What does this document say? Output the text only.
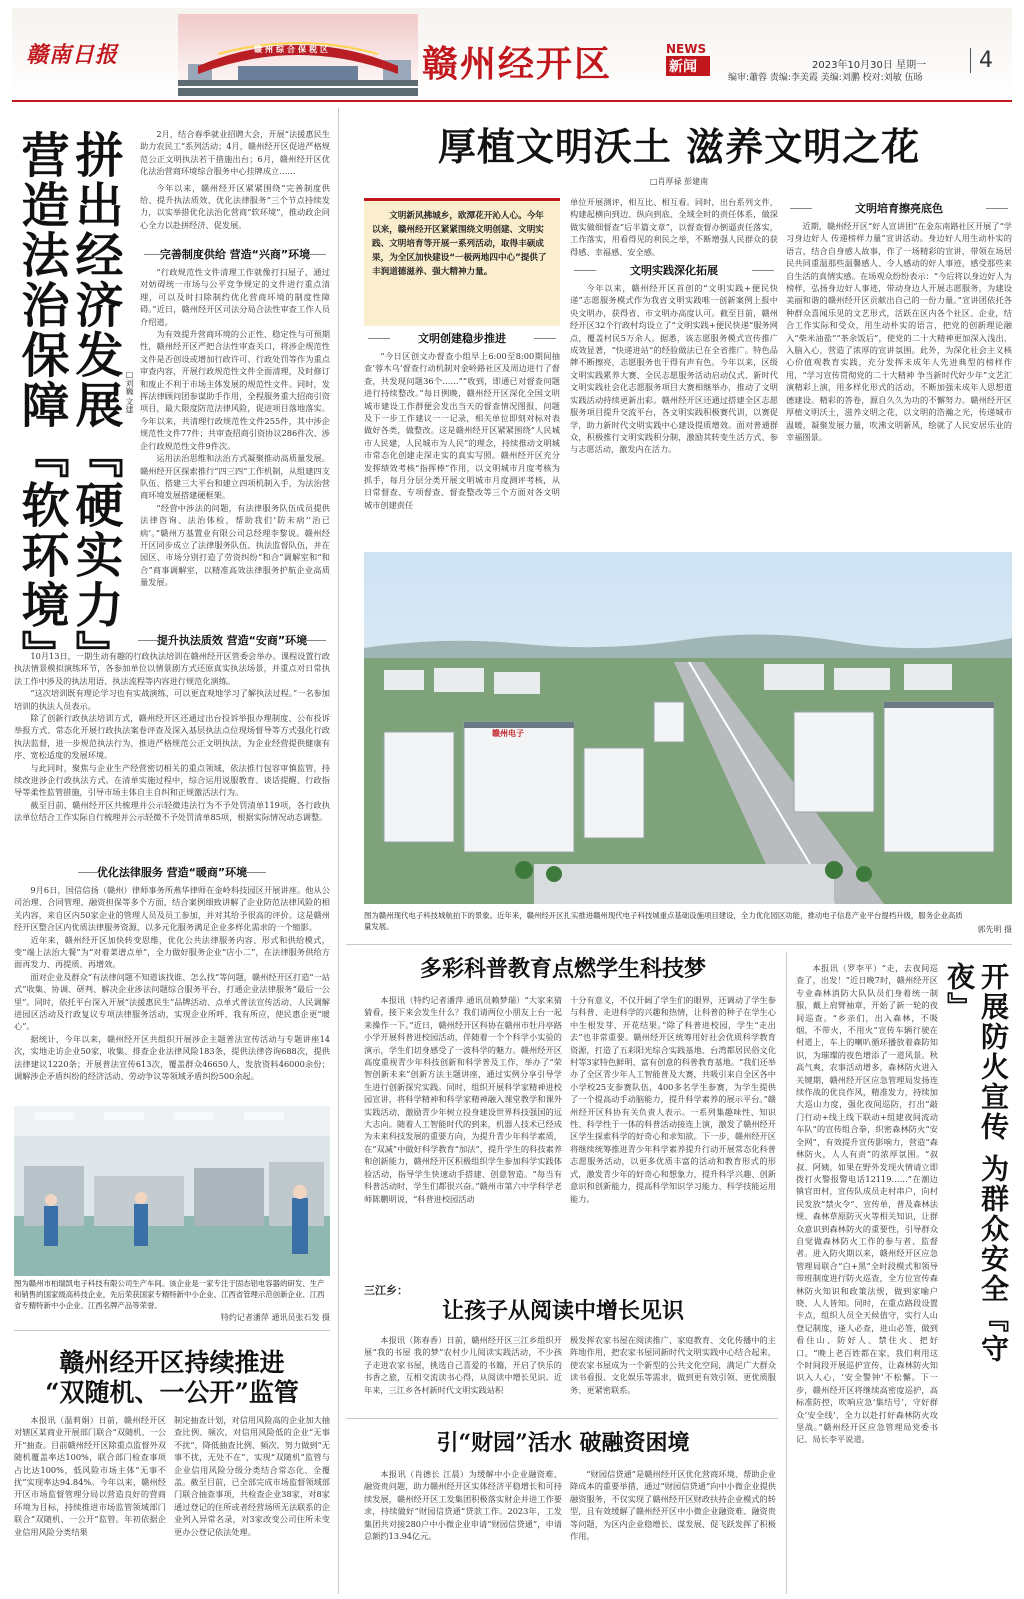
赣南日报	赣州综合保税区	赣州经开区	NEWS
新闻	2023年10月30日 星期一
编审:蕭蓉 责编:李美霞 美编:刘鹏 校对:刘敏 伍旸
4
拼出经济发展『硬实力』
营造法治保障『软环境』	□刘巍 文建

2月，结合春季就业招聘大会，开展“法援惠民生 助力农民工”系列活动；4月，赣州经开区促进严格规范公正文明执法若干措施出台；6月，赣州经开区优化法治营商环境综合服务中心挂牌成立……

今年以来，赣州经开区紧紧围绕“完善制度供给、提升执法质效、优化法律服务”三个节点持续发力，以实举措优化法治化营商“软环境”，推动政企同心全力以赴拼经济、促发展。

完善制度供给 营造“兴商”环境

“行政规范性文件清理工作就像打扫屋子，通过对妨碍统一市场与公平竞争规定的文件进行重点清理，可以及时扫除制约优化营商环境的制度性障碍。”近日，赣州经开区司法分局合法性审查工作人员介绍道。

为有效提升营商环境的公正性、稳定性与可预期性，赣州经开区严把合法性审查关口，将涉企规范性文件是否创设或增加行政许可、行政处罚等作为重点审查内容，开展行政规范性文件全面清理，及时修订和废止不利于市场主体发展的规范性文件。同时，发挥法律顾问团参谋助手作用，全程服务重大招商引资项目，最大限度防范法律风险，促进项目落地落实。今年以来，共清理行政规范性文件255件，其中涉企规范性文件77件；共审查招商引资协议286件次、涉企行政规范性文件9件次。

运用法治思维和法治方式凝聚推动高质量发展。赣州经开区探索推行“四三四”工作机制，从组建四支队伍、搭建三大平台和建立四项机制入手，为法治营商环境发展搭建硬框架。

“经营中涉法的问题，有法律服务队伍成员提供法律咨询、法治体检，帮助我们‘防未病’‘治已病’。”赣州方基置业有限公司总经理李黎说。赣州经开区同步成立了法律服务队伍、执法监督队伍，并在园区、市场分别打造了劳资纠纷“和合”调解室和“和合”商事调解室，以精准高效法律服务护航企业高质量发展。

提升执法质效 营造“安商”环境

10月13日，一期生动有趣的行政执法培训在赣州经开区管委会举办。课程设置行政执法情景模拟演练环节，各参加单位以情景剧方式还原真实执法场景，并重点对日常执法工作中涉及的执法用语、执法流程等内容进行规范化演练。

“这次培训既有理论学习也有实战演练，可以更直观地学习了解执法过程。”一名参加培训的执法人员表示。

除了创新行政执法培训方式，赣州经开区还通过出台投诉举报办理制度、公布投诉举报方式、常态化开展行政执法案卷评查及深入基层执法点位现场督导等方式强化行政执法监督，进一步规范执法行为，推进严格规范公正文明执法，为企业经营提供健康有序、宽松适度的发展环境。

与此同时，聚焦与企业生产经营密切相关的重点领域，依法推行包容审慎监管，持续改进涉企行政执法方式。在清单实施过程中，综合运用说服教育、谈话提醒、行政指导等柔性监管措施，引导市场主体自主自纠和正规激活法行为。

截至目前，赣州经开区共梳理并公示轻微违法行为不予处罚清单119项，各行政执法单位结合工作实际自行梳理并公示轻微不予处罚清单85项，根据实际情况动态调整。

优化法律服务 营造“暖商”环境

9月6日，国信信扬（赣州）律师事务所燕华律师在金岭科技园区开展讲座。他从公司治理、合同管理、融资担保等多个方面，结合案例细致讲解了企业防范法律风险的相关内容，来自区内50家企业的管理人员及员工参加，并对其给予很高的评价。这是赣州经开区整合区内优质法律服务资源，以多元化服务满足企业多样化需求的一个缩影。

近年来，赣州经开区加快转变思维，优化公共法律服务内容、形式和供给模式，变“端上法治大餐”为“对着菜谱点单”，全力做好服务企业“店小二”，在法律服务供给方面再发力、再提质、再增效。

面对企业及群众“有法律问题不知道该找谁、怎么找”等问题，赣州经开区打造“一站式”收集、协调、研判、解决企业涉法问题综合服务平台，打通企业法律服务“最后一公里”。同时，依托平台深入开展“法援惠民生”品牌活动、点单式普法宣传活动、人民调解进园区活动及行政复议专项法律服务活动，实现企业所呼、我有所应，使民惠企更“暖心”。

据统计，今年以来，赣州经开区共组织开展涉企主题普法宣传活动与专题讲座14次，实地走访企业50家，收集、排查企业法律风险183条，提供法律咨询688次，提供法律建议1220条；开展普法宣传613次，覆盖群众46650人，发放资料46000余份；调解涉企矛盾纠纷的经济活动、劳动争议等领域矛盾纠纷500余起。

图为赣州市柏瑞凯电子科技有限公司生产车间。该企业是一家专注于固态铝电容器的研发、生产和销售的国家级高科技企业，先后荣获国家专精特新中小企业、江西省管理示范创新企业、江西省专精特新中小企业、江西名牌产品等荣誉。
特约记者潘萍 通讯员张石发 摄
赣州经开区持续推进
“双随机、一公开”监管
本报讯（温莉娟）日前，赣州经开区对辖区某商业开展部门联合“双随机、一公开”抽查。目前赣州经开区除重点监督外双随机覆盖率达100%，联合部门检查事项占比达100%，低风险市场主体“无事不扰”实现率达94.84%。今年以来，赣州经开区市场监督管理分局以营造良好的营商环境为目标，持续推进市场监管领域部门联合“双随机、一公开”监管。年初依据企业信用风险分类结果
制定抽查计划，对信用风险高的企业加大抽查比例、频次，对信用风险低的企业“无事不扰”，降低抽查比例、频次，努力做到“无事不扰，无处不在”，实现“双随机”监管与企业信用风险分级分类结合常态化、全覆盖。截至目前，已全部完成市场监督领域部门联合抽查事项，共检查企业38家，对8家通过登记的住所或者经营场所无法联系的企业列入异常名录，对3家改变公司住所未变更办公登记依法处理。
厚植文明沃土 滋养文明之花
□肖厚禄 彭建南
文明新风拂城乡，欧潭花开沁人心。今年以来，赣州经开区紧紧围绕文明创建、文明实践、文明培育等开展一系列活动，取得丰硕成果，为全区加快建设“一极两地四中心”提供了丰润道德滋养、强大精神力量。
文明创建稳步推进
“今日区创文办督查小组早上6:00至8:00期间抽查‘蓉木乌’督查行动机制对金岭路社区及周边进行了督查，共发现问题36个……”“收到，即通已对督查问题进行持续整改。”每日例晚，赣州经开区深化全国文明城市建设工作群便会发出当天的督查情况图报，问题及下一步工作建议一一记录，相关单位即刻对标对表做好各类，做整改。这是赣州经开区紧紧围绕“人民城市人民建，人民城市为人民”的理念，持续推动文明城市常态化创建走深走实的真实写照。赣州经开区充分发挥绩效考核“指挥棒”作用，以文明城市月度考核为抓手，每月分层分类开展文明城市月度测评考核，从日常督查、专项督查、督查整改等三个方面对各文明城市创建责任
单位开展测评，相互比、相互看。同时，出台系列文件，构建起横向到边、纵向到底、全域全时的责任体系，做深做实做细督查“后半篇文章”，以督查督办倒逼责任落实，工作落实，用看得见的利民之举，不断增强人民群众的获得感、幸福感、安全感。
文明实践深化拓展
今年以来，赣州经开区首创的“文明实践+便民快递”志愿服务模式作为我省文明实践唯一创新案例上报中央文明办，获得省、市文明办高度认可。截至目前，赣州经开区32个行政村均设立了“文明实践+便民快递”服务网点，覆盖村民5万余人。据悉，该志愿服务模式宣传推广成效显著，“快递进站”的经验做法已在全省推广。特色品牌不断擦亮，志愿服务也于得有声有色。今年以来，区级文明实践累养大赛、全民志愿服务活动启动仪式、新时代文明实践社会化志愿服务项目大赛相继举办，推动了文明实践活动持续更新出彩。赣州经开区还通过搭建全区志愿服务项目提升交流平台，各文明实践积极赛代训，以赛促学，助力新时代文明实践中心建设提质增效。面对普通群众，积极推行文明实践积分制，激励其转变生活方式、参与志愿活动，激发内在活力。
文明培育擦亮底色
近期，赣州经开区“好人宣讲团”在金东南路社区开展了“学习身边好人 传递榜样力量”宣讲活动。身边好人用生动朴实的语言，结合自身感人故事，作了一场精彩的宣讲，带领在场居民共同重温那些温馨感人、令人感动的好人事迹，感受那些来自生活的真情实感。在场观众纷纷表示：“今后将以身边好人为榜样，弘扬身边好人事迹，带动身边人开展志愿服务，为建设美丽和谐的赣州经开区贡献出自己的一份力量。”宣讲团依托各种群众喜闻乐见的文艺形式，活跃在区内各个社区、企业，结合工作实际和受众，用生动朴实的语言，把党的创新理论融入“柴米油盐”“茶余饭后”，使党的二十大精神更加深入浅出、入脑入心，营造了浓厚的宣讲氛围。此外，为深化社会主义核心价值观教育实践，充分发挥未成年人先进典型的榜样作用，“学习宣传贯彻党的二十大精神 争当新时代好少年”文艺汇演精彩上演，用多样化形式的活动，不断加强未成年人思想道德建设。精彩的答卷，源自久久为功的不懈努力。赣州经开区厚植文明沃土，滋养文明之花，以文明的浩瀚之光，传递城市温暖，凝聚发展力量，吹沸文明新风，绘就了人民安居乐业的幸福图景。
赣州电子
图为赣州现代电子科技城航拍下的景象。近年来，赣州经开区扎实推进赣州现代电子科技城重点基础设施项目建设，全力优化园区功能，推动电子信息产业平台提档升级，服务企业高质量发展。	郭先明 摄
多彩科普教育点燃学生科技梦
本报讯（特约记者潘萍 通讯员赖梦瑞）“大家来猜猜看，接下来会发生什么？我们请两位小朋友上台一起来操作一下。”近日，赣州经开区科协在赣州市牡丹亭路小学开展科普进校园活动，伴随着一个个科学小实验的演示，学生们切身感受了一波科学的魅力。赣州经开区高度重视青少年科技创新和科学普及工作，举办了“荣智创新未来”创新方法主题讲座，通过实例分享引导学生进行创新探究实践。同时，组织开展科学家精神进校园宣讲，将科学精神和科学家精神融入课堂教学和课外实践活动，激励青少年树立投身建设世界科技强国的远大志向。随着人工智能时代的到来，机器人技术已经成为未来科技发展的重要方向，为提升青少年科学素质，在“双减”中做好科学教育“加法”，提升学生的科技素养和创新能力，赣州经开区积极组织学生参加科学实践体验活动，指导学生快速动手搭建、创意智造。“每当有科普活动时，学生们都很兴奋。”赣州市第六中学科学老师陈鹏明说，“科普进校园活动
十分有意义，不仅开阔了学生们的眼界，还调动了学生参与科普、走进科学的兴趣和热情，让科普的种子在学生心中生根发芽、开花结果。”除了科普进校园，学生“走出去”也非常重要。赣州经开区统筹用好社会优质科学教育资源，打造了五彩阳光综合实践基地、台湾都居民俗文化村等3家特色鲜明、富有创意的科普教育基地。“我们还举办了全区青少年人工智能普及大赛，共吸引来自全区各中小学校25支参赛队伍，400多名学生参赛，为学生提供了一个提高动手动脑能力，提升科学素养的展示平台。”赣州经开区科协有关负责人表示。一系列集趣味性、知识性、科学性于一体的科普活动接连上演，激发了赣州经开区学生探索科学的好奇心和求知欲。下一步，赣州经开区将继续统筹推进青少年科学素养提升行动开展常态化科普志愿服务活动，以更多优质丰富的活动和教育形式的形式，激发青少年的好奇心和想象力，提升科学兴趣、创新意识和创新能力，提高科学知识学习能力、科学技能运用能力。
三江乡：
让孩子从阅读中增长见识
本报讯（陈春香）日前，赣州经开区三江乡组织开展“我的书屋 我的梦”农村少儿阅读实践活动，不少孩子走进农家书屋，挑选自己喜爱的书籍，开启了快乐的书香之旅，互相交流读书心得，从阅读中增长见识。近年来，三江乡各村新时代文明实践站积
极发挥农家书屋在阅读推广、家庭教育、文化传播中的主阵地作用，把农家书屋同新时代文明实践中心结合起来，使农家书屋成为一个新型的公共文化空间，满足广大群众读书看报、文化娱乐等需求，做到更有效引领、更优质服务、更紧密联系。
引“财园”活水 破融资困境
本报讯（肖德长 江晨）为缓解中小企业融资难、融资贵问题，助力赣州经开区实体经济平稳增长和可持续发展，赣州经开区工发集团积极落实财企并进工作要求，持续做好“财园信贷通”贷款工作。2023年，工发集团共对接280户中小微企业申请“财园信贷通”，申请总额约13.94亿元。
“财园信贷通”是赣州经开区优化营商环境、帮助企业降成本的重要举措，通过“财园信贷通”向中小微企业提供融资服务，不仅实现了赣州经开区财政扶持企业模式的转型，且有效缓解了赣州经开区中小微企业融资难、融资贵等问题，为区内企业稳增长、谋发展、促飞跃发挥了积极作用。
本报讯（罗李平）“走，去夜间巡查了，出发！”近日晚7时，赣州经开区专业森林消防大队队员们身着统一制服，戴上肩臂袖章，开始了新一轮的夜间巡查。“乡亲们，出入森林，不吸烟，不带火，不用火”宣传车辆行驶在村道上，车上的喇叭循环播放着森防知识，为璀璨的夜色增添了一道风景。秋高气爽，农事活动增多，森林防火进入关键期，赣州经开区应急管理局发扬连续作战的优良作风，精准发力，持续加大巡山力度，强化夜间巡防，打出“敲门行动+线上线下联动+组建夜间流动车队”的宣传组合拳，织密森林防火“安全网”，有效提升宣传影响力，营造“森林防火，人人有责”的浓厚氛围。“叔叔、阿姨，如果在野外发现火情请立即拨打火警报警电话12119……”在潮边镇官田村，宣传队成员走村串户，向村民发放“禁火令”、宣传单，普及森林法规、森林草原防灭火等相关知识，让群众意识到森林防火的重要性，引导群众自觉做森林防火工作的参与者、监督者。进入防火期以来，赣州经开区应急管理局联合“白+黑”全时段模式和领导带班制度进行防火巡查，全方位宣传森林防火知识和政策法规，做到家喻户晓、人人皆知。同时，在重点路段设置卡点，组织人员全天候值守，实行人山登记制度，逢人必查，进山必签，做到看住山、防好人、禁住火、把好口。“晚上老百姓都在家，我们利用这个时间段开展巡护宣传，让森林防火知识入人心，‘安全警钟’不松懈。下一步，赣州经开区将继续高密度巡护，高标准防控，吹响应急‘集结号’，守好群众‘安全线’，全力以赴打好森林防火攻坚战。”赣州经开区应急管理局党委书记、局长李平说道。
开展防火宣传 为群众安全『守夜』
